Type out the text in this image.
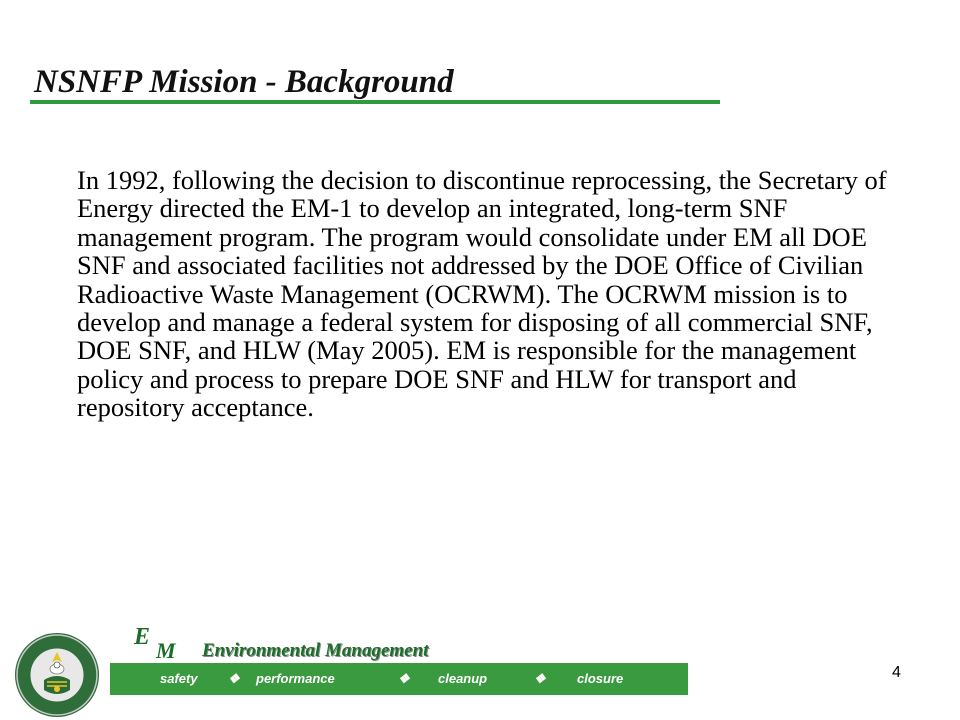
NSNFP Mission - Background

In 1992, following the decision to discontinue reprocessing, the Secretary of Energy directed the EM-1 to develop an integrated, long-term SNF management program. The program would consolidate under EM all DOE SNF and associated facilities not addressed by the DOE Office of Civilian Radioactive Waste Management (OCRWM). The OCRWM mission is to develop and manage a federal system for disposing of all commercial SNF, DOE SNF, and HLW (May 2005). EM is responsible for the management policy and process to prepare DOE SNF and HLW for transport and repository acceptance.

E
M Environmental Management
safety ❖ performance	❖ cleanup	❖ closure	4
